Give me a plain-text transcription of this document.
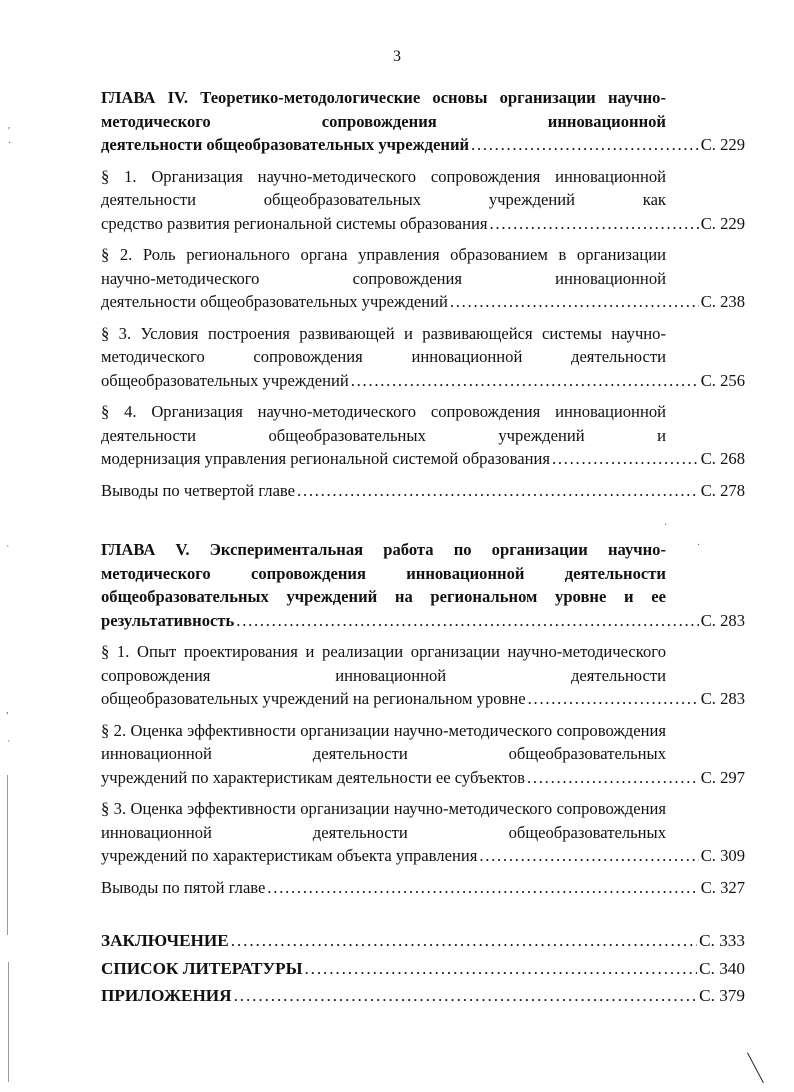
3
ГЛАВА IV. Теоретико-методологические основы организации научно-методического сопровождения инновационной
деятельности общеобразовательных учреждений . . .	С. 229
§ 1. Организация научно-методического сопровождения инновационной деятельности общеобразовательных учреждений как
средство развития региональной системы образования . . .	С. 229
§ 2. Роль регионального органа управления образованием в организации научно-методического сопровождения инновационной
деятельности общеобразовательных учреждений . . .	С. 238
§ 3. Условия построения развивающей и развивающейся системы научно-методического сопровождения инновационной деятельности
общеобразовательных учреждений . . .	С. 256
§ 4. Организация научно-методического сопровождения инновационной деятельности общеобразовательных учреждений и
модернизация управления региональной системой образования . . .	С. 268
Выводы по четвертой главе . . .	С. 278
ГЛАВА V. Экспериментальная работа по организации научно-методического сопровождения инновационной деятельности общеобразовательных учреждений на региональном уровне и ее
результативность . . .	С. 283
§ 1. Опыт проектирования и реализации организации научно-методического сопровождения инновационной деятельности
общеобразовательных учреждений на региональном уровне . . .	С. 283
§ 2. Оценка эффективности организации научно-методического сопровождения инновационной деятельности общеобразовательных
учреждений по характеристикам деятельности ее субъектов . . .	С. 297
§ 3. Оценка эффективности организации научно-методического сопровождения инновационной деятельности общеобразовательных
учреждений по характеристикам объекта управления . . .	С. 309
Выводы по пятой главе . . .	С. 327
ЗАКЛЮЧЕНИЕ . . .	С. 333
СПИСОК ЛИТЕРАТУРЫ . . .	С. 340
ПРИЛОЖЕНИЯ . . .	С. 379
ʹ
·
`
,
`
·
·
